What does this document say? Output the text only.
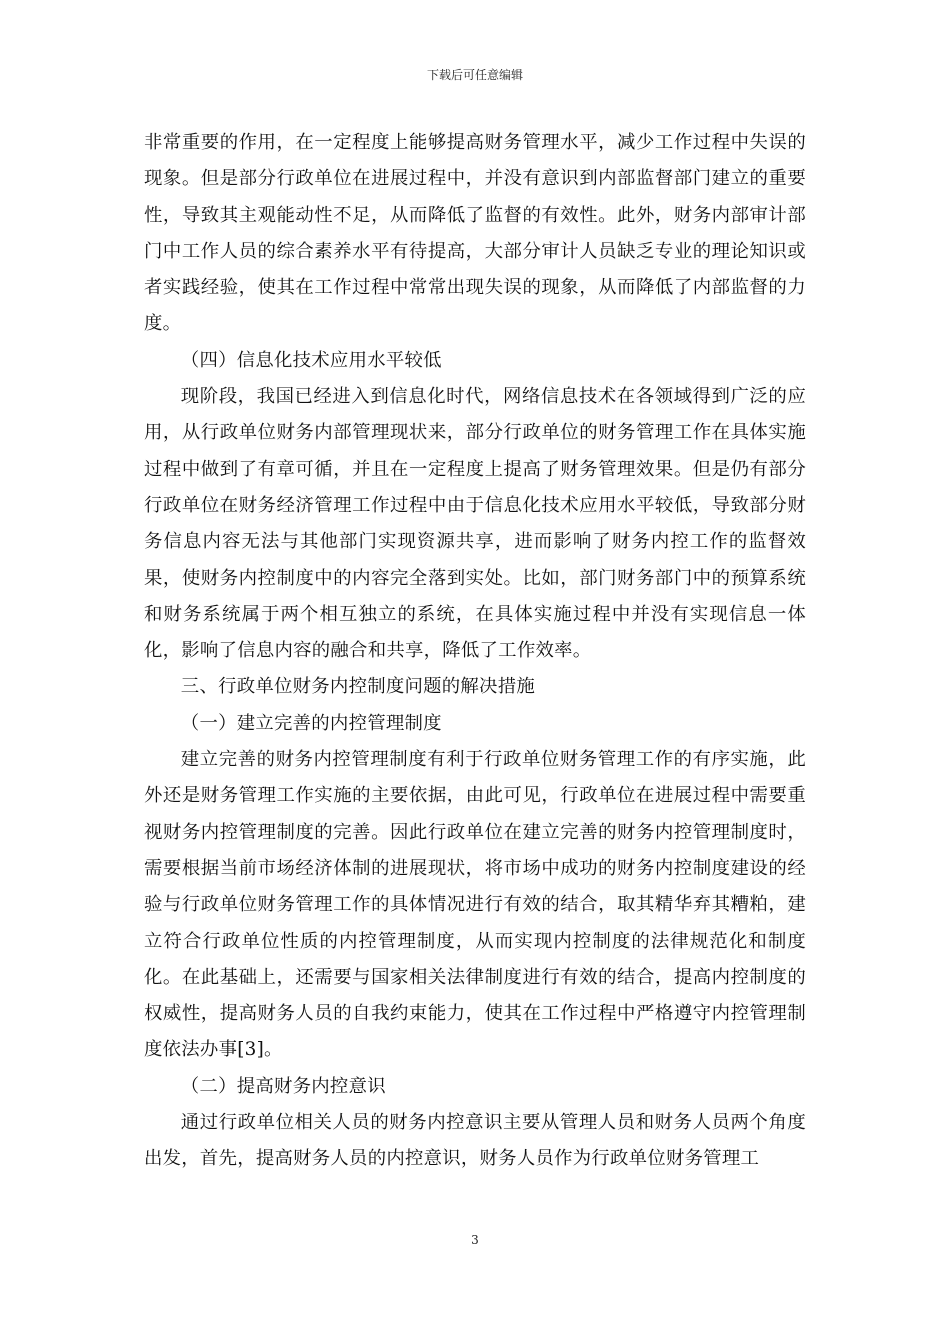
下载后可任意编辑

非常重要的作用，在一定程度上能够提高财务管理水平，减少工作过程中失误的现象。但是部分行政单位在进展过程中，并没有意识到内部监督部门建立的重要性，导致其主观能动性不足，从而降低了监督的有效性。此外，财务内部审计部门中工作人员的综合素养水平有待提高，大部分审计人员缺乏专业的理论知识或者实践经验，使其在工作过程中常常出现失误的现象，从而降低了内部监督的力度。

（四）信息化技术应用水平较低

现阶段，我国已经进入到信息化时代，网络信息技术在各领域得到广泛的应用，从行政单位财务内部管理现状来，部分行政单位的财务管理工作在具体实施过程中做到了有章可循，并且在一定程度上提高了财务管理效果。但是仍有部分行政单位在财务经济管理工作过程中由于信息化技术应用水平较低，导致部分财务信息内容无法与其他部门实现资源共享，进而影响了财务内控工作的监督效果，使财务内控制度中的内容完全落到实处。比如，部门财务部门中的预算系统和财务系统属于两个相互独立的系统，在具体实施过程中并没有实现信息一体化，影响了信息内容的融合和共享，降低了工作效率。

三、行政单位财务内控制度问题的解决措施

（一）建立完善的内控管理制度

建立完善的财务内控管理制度有利于行政单位财务管理工作的有序实施，此外还是财务管理工作实施的主要依据，由此可见，行政单位在进展过程中需要重视财务内控管理制度的完善。因此行政单位在建立完善的财务内控管理制度时，需要根据当前市场经济体制的进展现状，将市场中成功的财务内控制度建设的经验与行政单位财务管理工作的具体情况进行有效的结合，取其精华弃其糟粕，建立符合行政单位性质的内控管理制度，从而实现内控制度的法律规范化和制度化。在此基础上，还需要与国家相关法律制度进行有效的结合，提高内控制度的权威性，提高财务人员的自我约束能力，使其在工作过程中严格遵守内控管理制度依法办事[3]。

（二）提高财务内控意识

通过行政单位相关人员的财务内控意识主要从管理人员和财务人员两个角度出发，首先，提高财务人员的内控意识，财务人员作为行政单位财务管理工

3
